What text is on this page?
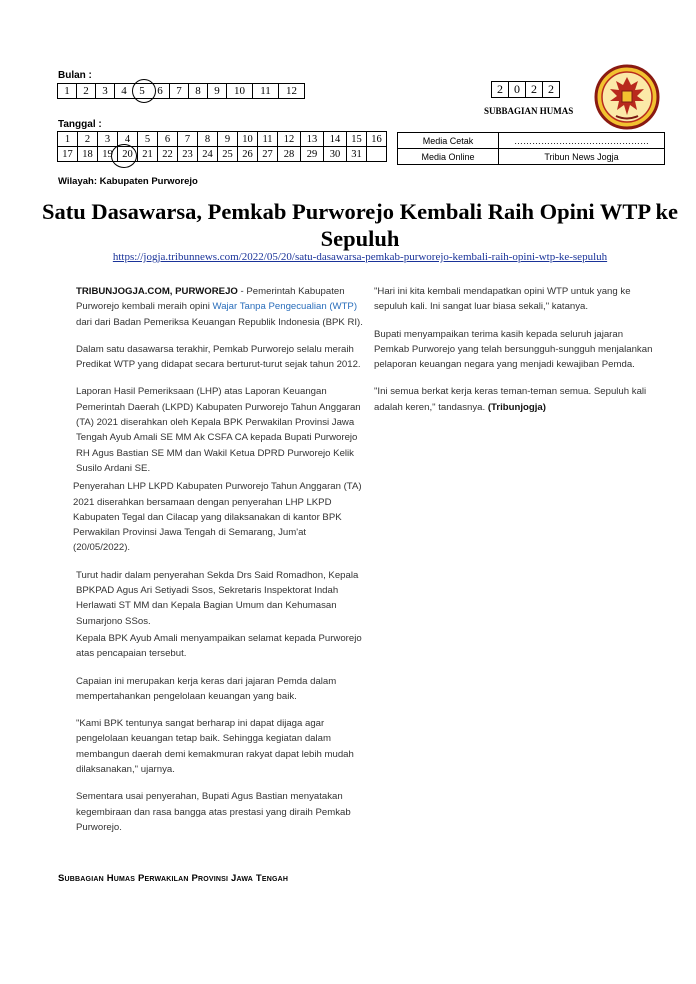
Bulan :
1	2	3	4	5	6	7	8	9	10	11	12	2	0	2	2
SUBBAGIAN HUMAS
Tanggal :
1	2	3	4	5	6	7	8	9	10	11	12	13	14	15	16
17	18	19	20	21	22	23	24	25	26	27	28	29	30	31	
Media Cetak	………………………………………
Media Online	Tribun News Jogja
Wilayah: Kabupaten Purworejo
Satu Dasawarsa, Pemkab Purworejo Kembali Raih Opini WTP ke Sepuluh
https://jogja.tribunnews.com/2022/05/20/satu-dasawarsa-pemkab-purworejo-kembali-raih-opini-wtp-ke-sepuluh

TRIBUNJOGJA.COM, PURWOREJO - Pemerintah Kabupaten Purworejo kembali meraih opini Wajar Tanpa Pengecualian (WTP) dari dari Badan Pemeriksa Keuangan Republik Indonesia (BPK RI).

Dalam satu dasawarsa terakhir, Pemkab Purworejo selalu meraih Predikat WTP yang didapat secara berturut-turut sejak tahun 2012.

Laporan Hasil Pemeriksaan (LHP) atas Laporan Keuangan Pemerintah Daerah (LKPD) Kabupaten Purworejo Tahun Anggaran (TA) 2021 diserahkan oleh Kepala BPK Perwakilan Provinsi Jawa Tengah Ayub Amali SE MM Ak CSFA CA kepada Bupati Purworejo RH Agus Bastian SE MM dan Wakil Ketua DPRD Purworejo Kelik Susilo Ardani SE.

Penyerahan LHP LKPD Kabupaten Purworejo Tahun Anggaran (TA) 2021 diserahkan bersamaan dengan penyerahan LHP LKPD Kabupaten Tegal dan Cilacap yang dilaksanakan di kantor BPK Perwakilan Provinsi Jawa Tengah di Semarang, Jum'at (20/05/2022).

Turut hadir dalam penyerahan Sekda Drs Said Romadhon, Kepala BPKPAD Agus Ari Setiyadi Ssos, Sekretaris Inspektorat Indah Herlawati ST MM dan Kepala Bagian Umum dan Kehumasan Sumarjono SSos.

Kepala BPK Ayub Amali menyampaikan selamat kepada Purworejo atas pencapaian tersebut.

Capaian ini merupakan kerja keras dari jajaran Pemda dalam mempertahankan pengelolaan keuangan yang baik.

"Kami BPK tentunya sangat berharap ini dapat dijaga agar pengelolaan keuangan tetap baik. Sehingga kegiatan dalam membangun daerah demi kemakmuran rakyat dapat lebih mudah dilaksanakan," ujarnya.

Sementara usai penyerahan, Bupati Agus Bastian menyatakan kegembiraan dan rasa bangga atas prestasi yang diraih Pemkab Purworejo.

"Hari ini kita kembali mendapatkan opini WTP untuk yang ke sepuluh kali. Ini sangat luar biasa sekali," katanya.

Bupati menyampaikan terima kasih kepada seluruh jajaran Pemkab Purworejo yang telah bersungguh-sungguh menjalankan pelaporan keuangan negara yang menjadi kewajiban Pemda.

"Ini semua berkat kerja keras teman-teman semua. Sepuluh kali adalah keren," tandasnya. (Tribunjogja)

Subbagian Humas Perwakilan Provinsi Jawa Tengah
